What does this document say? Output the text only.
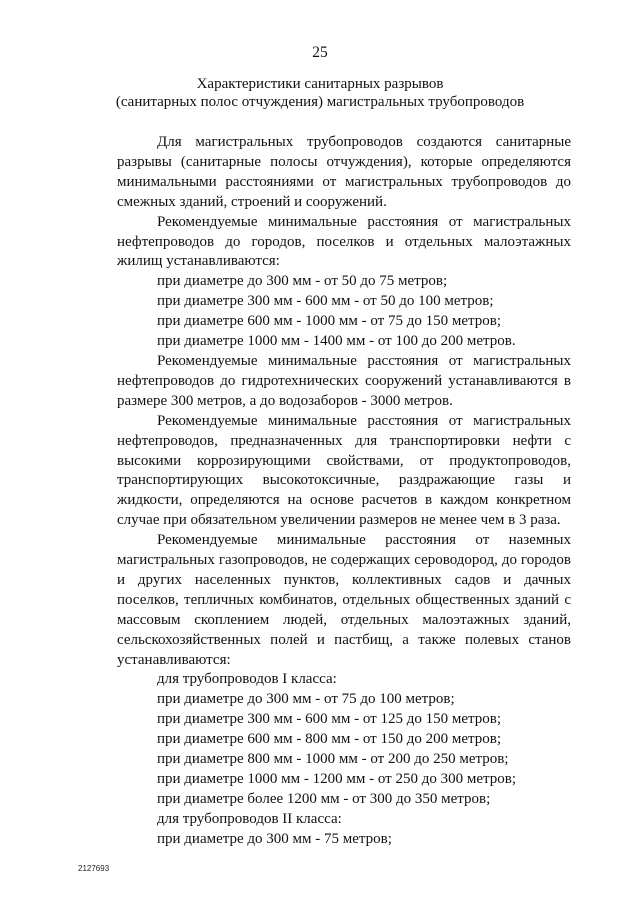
25
Характеристики санитарных разрывов
(санитарных полос отчуждения) магистральных трубопроводов

Для магистральных трубопроводов создаются санитарные разрывы (санитарные полосы отчуждения), которые определяются минимальными расстояниями от магистральных трубопроводов до смежных зданий, строений и сооружений.

Рекомендуемые минимальные расстояния от магистральных нефтепроводов до городов, поселков и отдельных малоэтажных жилищ устанавливаются:

при диаметре до 300 мм - от 50 до 75 метров;
при диаметре 300 мм - 600 мм - от 50 до 100 метров;
при диаметре 600 мм - 1000 мм - от 75 до 150 метров;
при диаметре 1000 мм - 1400 мм - от 100 до 200 метров.

Рекомендуемые минимальные расстояния от магистральных нефтепроводов до гидротехнических сооружений устанавливаются в размере 300 метров, а до водозаборов - 3000 метров.

Рекомендуемые минимальные расстояния от магистральных нефтепроводов, предназначенных для транспортировки нефти с высокими коррозирующими свойствами, от продуктопроводов, транспортирующих высокотоксичные, раздражающие газы и жидкости, определяются на основе расчетов в каждом конкретном случае при обязательном увеличении размеров не менее чем в 3 раза.

Рекомендуемые минимальные расстояния от наземных магистральных газопроводов, не содержащих сероводород, до городов и других населенных пунктов, коллективных садов и дачных поселков, тепличных комбинатов, отдельных общественных зданий с массовым скоплением людей, отдельных малоэтажных зданий, сельскохозяйственных полей и пастбищ, а также полевых станов устанавливаются:

для трубопроводов I класса:
при диаметре до 300 мм - от 75 до 100 метров;
при диаметре 300 мм - 600 мм - от 125 до 150 метров;
при диаметре 600 мм - 800 мм - от 150 до 200 метров;
при диаметре 800 мм - 1000 мм - от 200 до 250 метров;
при диаметре 1000 мм - 1200 мм - от 250 до 300 метров;
при диаметре более 1200 мм - от 300 до 350 метров;
для трубопроводов II класса:
при диаметре до 300 мм - 75 метров;
2127693
